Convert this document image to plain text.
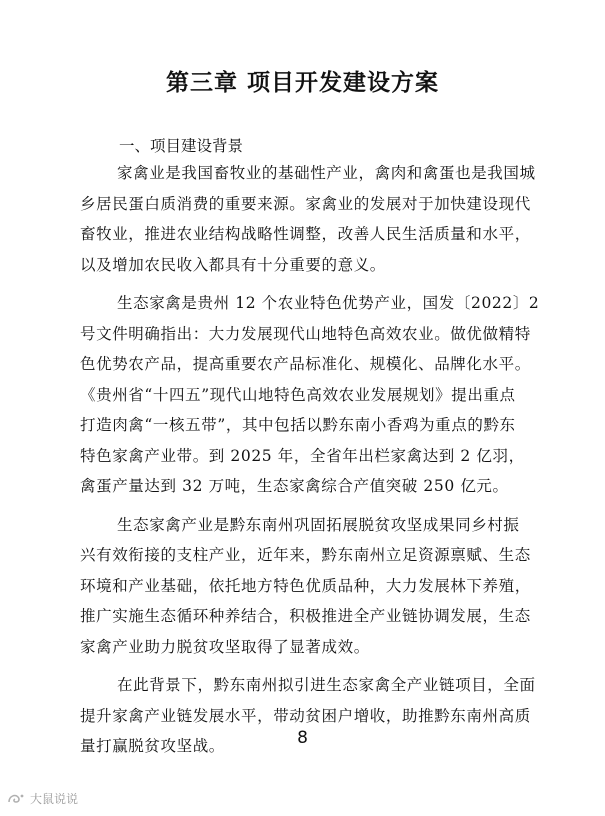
第三章 项目开发建设方案
一、项目建设背景
家禽业是我国畜牧业的基础性产业，禽肉和禽蛋也是我国城
乡居民蛋白质消费的重要来源。家禽业的发展对于加快建设现代
畜牧业，推进农业结构战略性调整，改善人民生活质量和水平，
以及增加农民收入都具有十分重要的意义。
生态家禽是贵州 12 个农业特色优势产业，国发〔2022〕2
号文件明确指出：大力发展现代山地特色高效农业。做优做精特
色优势农产品，提高重要农产品标准化、规模化、品牌化水平。
《贵州省“十四五”现代山地特色高效农业发展规划》提出重点
打造肉禽“一核五带”，其中包括以黔东南小香鸡为重点的黔东
特色家禽产业带。到 2025 年，全省年出栏家禽达到 2 亿羽，
禽蛋产量达到 32 万吨，生态家禽综合产值突破 250 亿元。
生态家禽产业是黔东南州巩固拓展脱贫攻坚成果同乡村振
兴有效衔接的支柱产业，近年来，黔东南州立足资源禀赋、生态
环境和产业基础，依托地方特色优质品种，大力发展林下养殖，
推广实施生态循环种养结合，积极推进全产业链协调发展，生态
家禽产业助力脱贫攻坚取得了显著成效。
在此背景下，黔东南州拟引进生态家禽全产业链项目，全面
提升家禽产业链发展水平，带动贫困户增收，助推黔东南州高质
量打赢脱贫攻坚战。	8
大鼠说说
